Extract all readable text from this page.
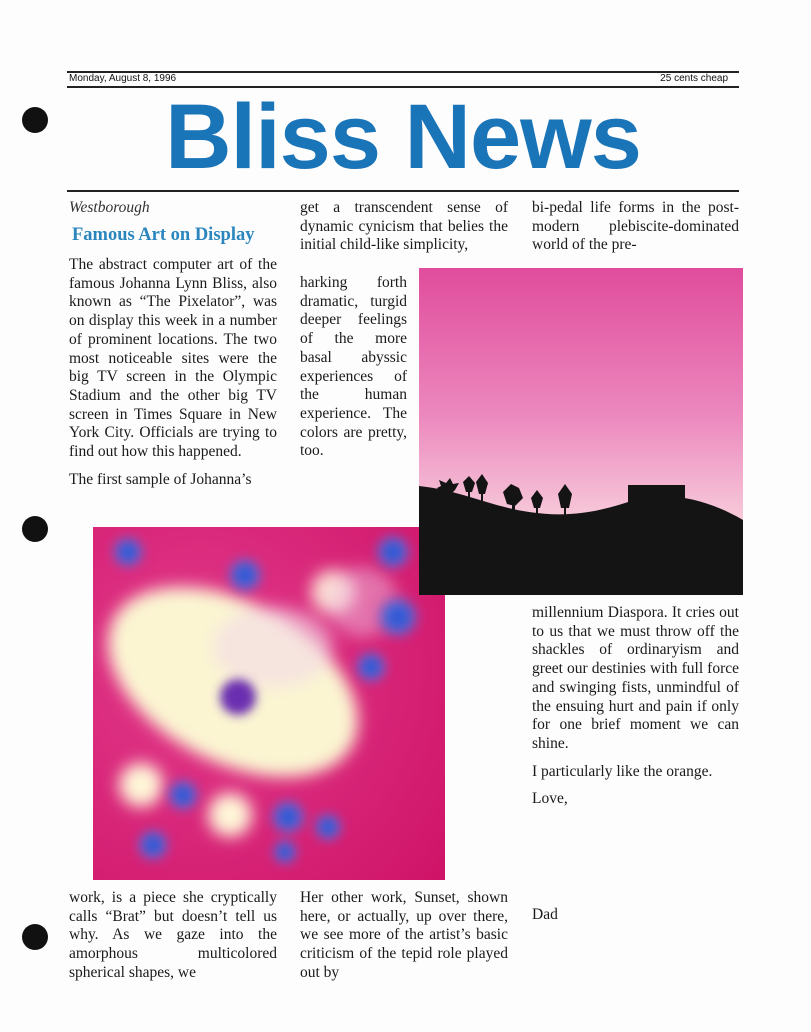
Monday, August 8, 1996	25 cents cheap
Bliss News
Westborough
Famous Art on Display

The abstract computer art of the famous Johanna Lynn Bliss, also known as “The Pixelator”, was on display this week in a number of prominent locations. The two most noticeable sites were the big TV screen in the Olympic Stadium and the other big TV screen in Times Square in New York City. Officials are trying to find out how this happened.

The first sample of Johanna’s

work, is a piece she cryptically calls “Brat” but doesn’t tell us why. As we gaze into the amorphous multicolored spherical shapes, we

get a transcendent sense of dynamic cynicism that belies the initial child-like simplicity,

harking forth dramatic, turgid deeper feelings of the more basal abyssic experiences of the human experience. The colors are pretty, too.

Her other work, Sunset, shown here, or actually, up over there, we see more of the artist’s basic criticism of the tepid role played out by

bi-pedal life forms in the post-modern plebiscite-dominated world of the pre-

millennium Diaspora. It cries out to us that we must throw off the shackles of ordinaryism and greet our destinies with full force and swinging fists, unmindful of the ensuing hurt and pain if only for one brief moment we can shine.

I particularly like the orange.

Love,

Dad
